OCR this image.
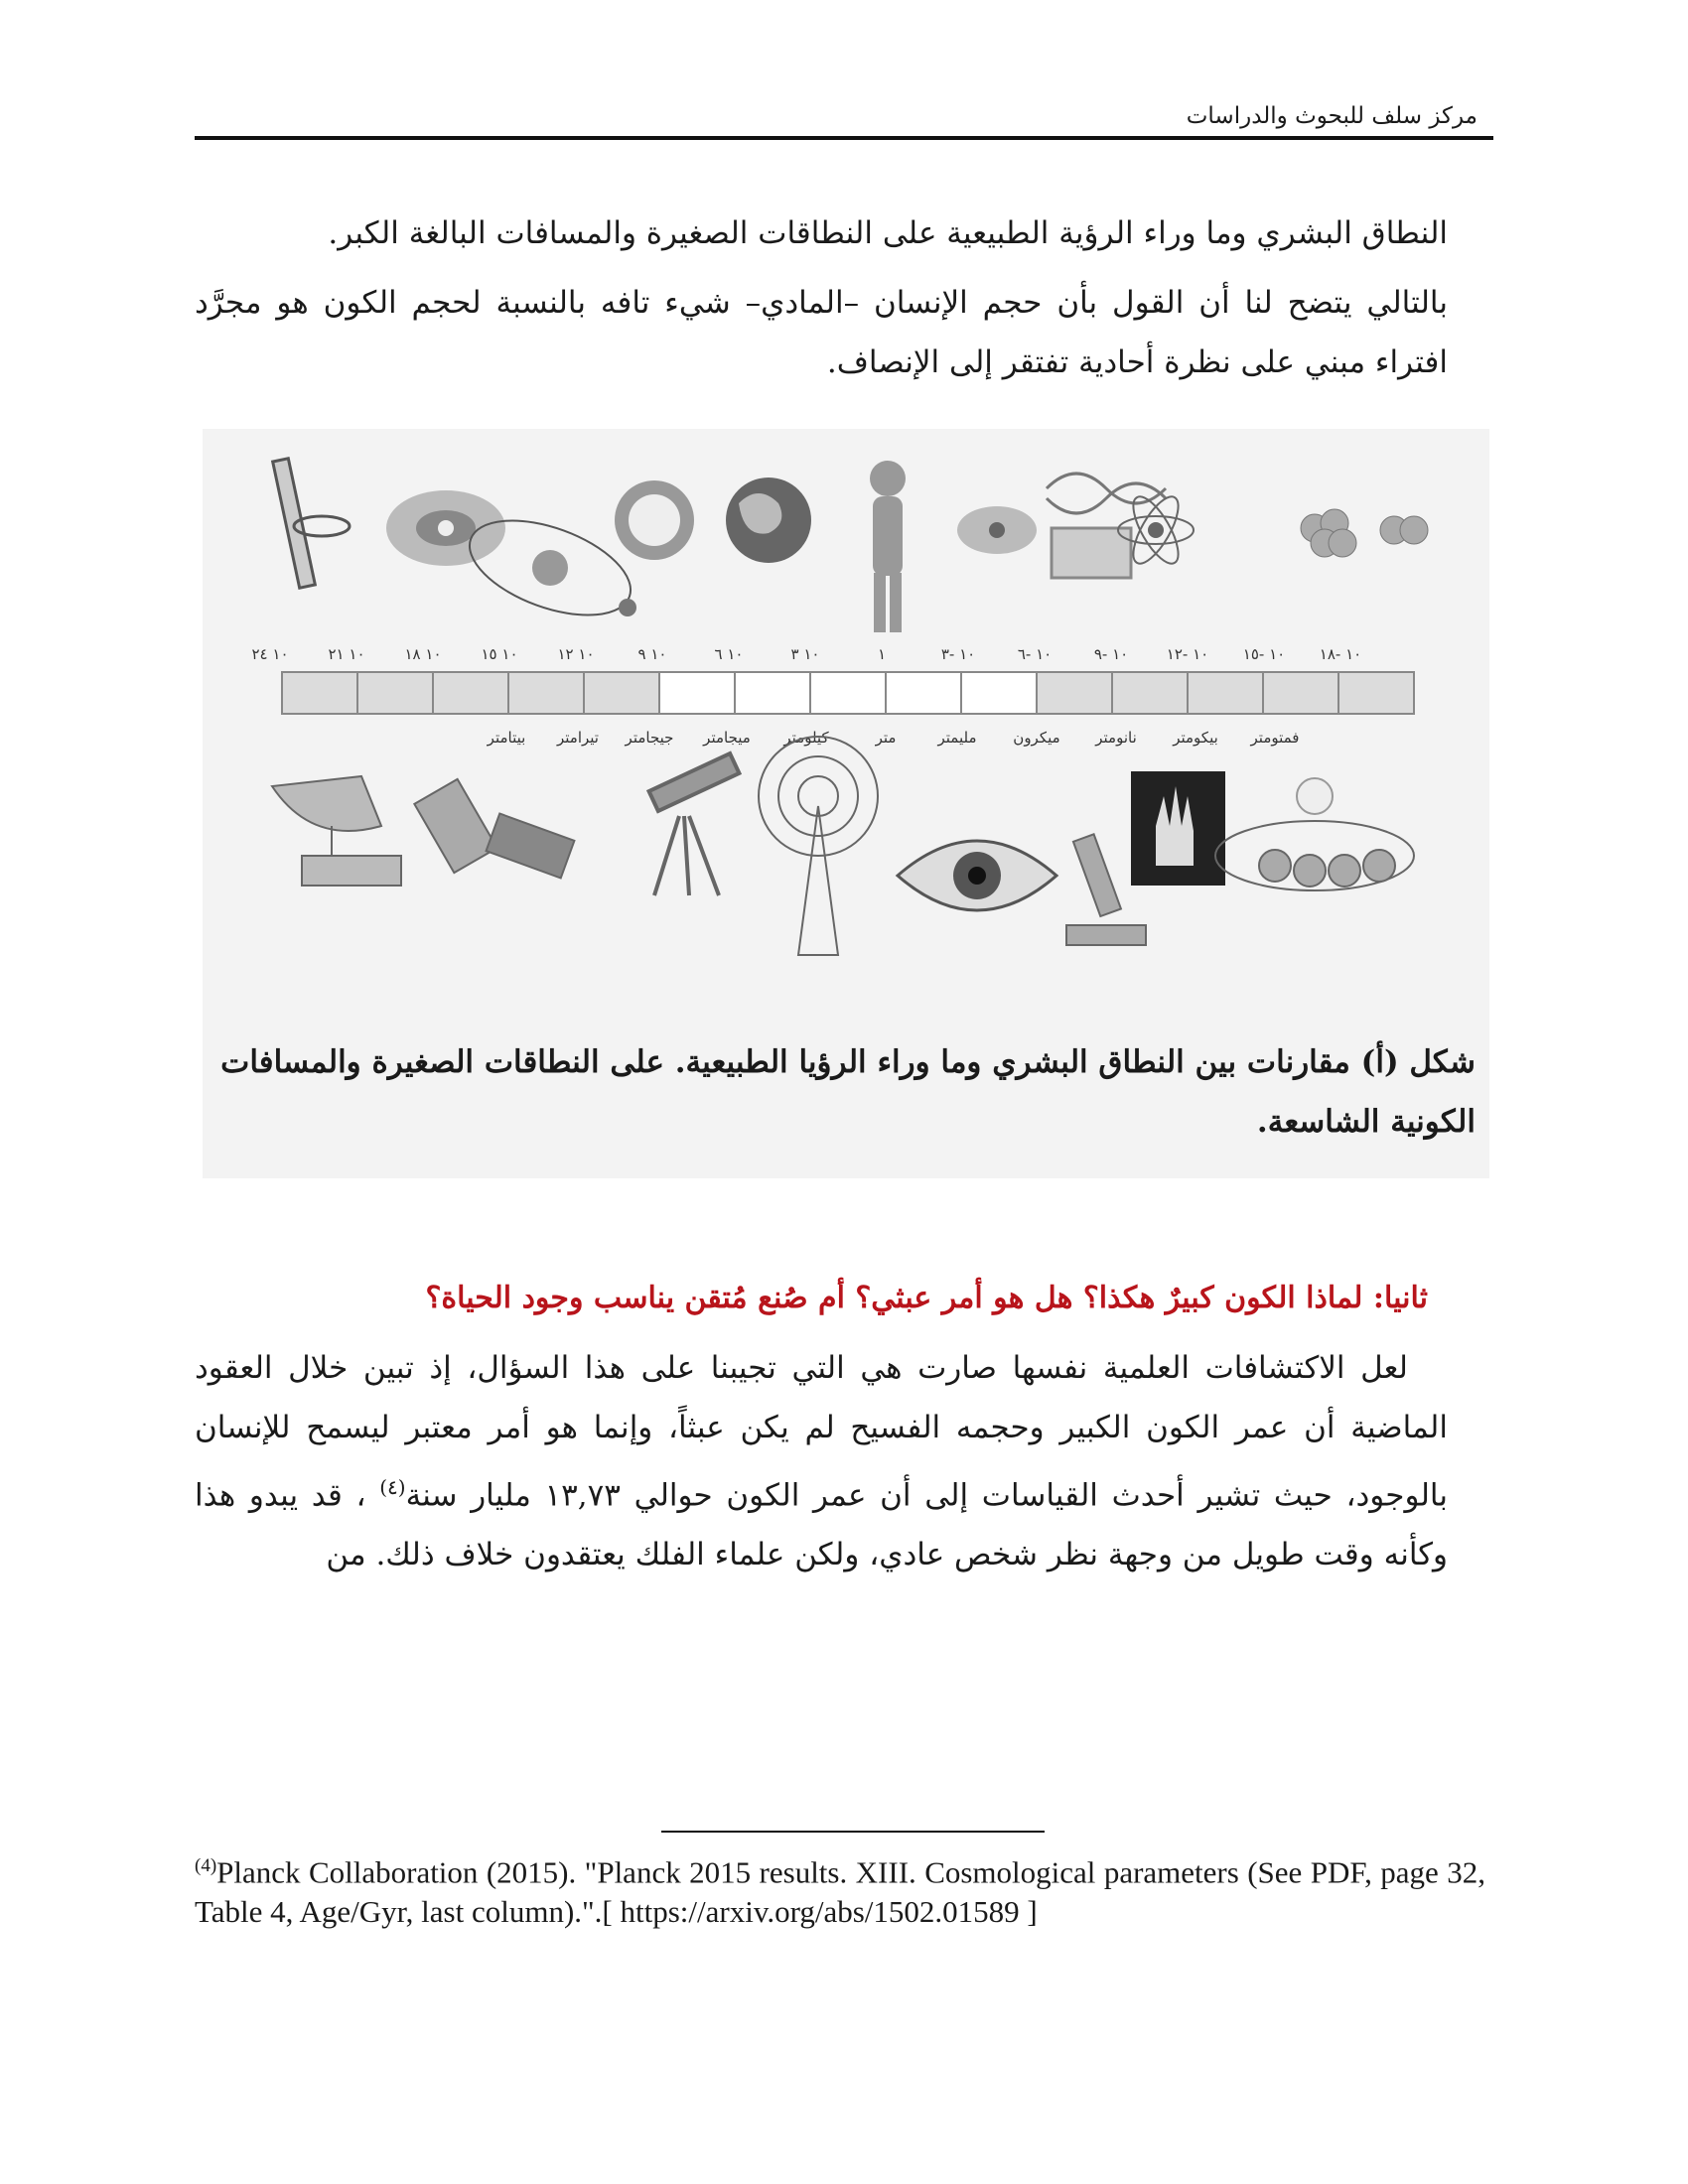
مركز سلف للبحوث والدراسات

النطاق البشري وما وراء الرؤية الطبيعية على النطاقات الصغيرة والمسافات البالغة الكبر.

بالتالي يتضح لنا أن القول بأن حجم الإنسان –المادي– شيء تافه بالنسبة لحجم الكون هو مجرَّد افتراء مبني على نظرة أحادية تفتقر إلى الإنصاف.

١٠ ٢٤	١٠ ٢١	١٠ ١٨	١٠ ١٥	١٠ ١٢	١٠ ٩	١٠ ٦	١٠ ٣	١	١٠ -٣	١٠ -٦	١٠ -٩	١٠ -١٢ ١٠ -١٥ ١٠ -١٨
بيتامتر تيرامتر جيجامتر ميجامتر كيلومتر	متر	مليمتر ميكرون نانومتر بيكومتر فمتومتر
شكل (أ) مقارنات بين النطاق البشري وما وراء الرؤيا الطبيعية. على النطاقات الصغيرة والمسافات
الكونية الشاسعة.
ثانيا: لماذا الكون كبيرٌ هكذا؟ هل هو أمر عبثي؟ أم صُنع مُتقن يناسب وجود الحياة؟

لعل الاكتشافات العلمية نفسها صارت هي التي تجيبنا على هذا السؤال، إذ تبين خلال العقود الماضية أن عمر الكون الكبير وحجمه الفسيح لم يكن عبثاً، وإنما هو أمر معتبر ليسمح للإنسان بالوجود، حيث تشير أحدث القياسات إلى أن عمر الكون حوالي ١٣,٧٣ مليار سنة$^{(٤)}$ ، قد يبدو هذا وكأنه وقت طويل من وجهة نظر شخص عادي، ولكن علماء الفلك يعتقدون خلاف ذلك. من

$^{(4)}$Planck Collaboration (2015). "Planck 2015 results. XIII. Cosmological parameters (See PDF, page 32, Table 4, Age/Gyr, last column).".[ https://arxiv.org/abs/1502.01589 ]
